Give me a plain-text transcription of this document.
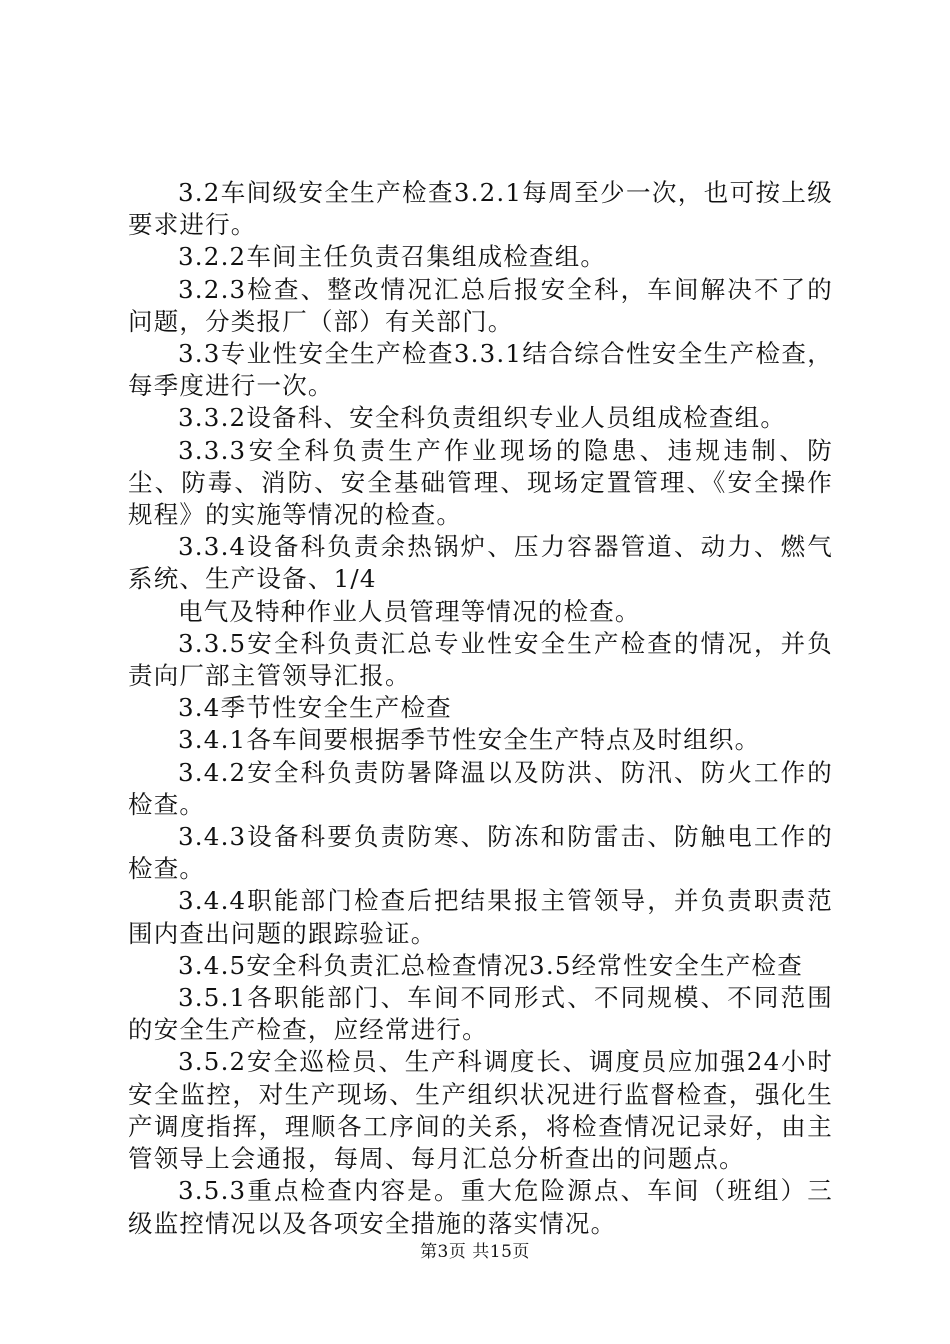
3.2车间级安全生产检查3.2.1每周至少一次，也可按上级要求进行。

3.2.2车间主任负责召集组成检查组。

3.2.3检查、整改情况汇总后报安全科，车间解决不了的问题，分类报厂（部）有关部门。

3.3专业性安全生产检查3.3.1结合综合性安全生产检查，每季度进行一次。

3.3.2设备科、安全科负责组织专业人员组成检查组。

3.3.3安全科负责生产作业现场的隐患、违规违制、防尘、防毒、消防、安全基础管理、现场定置管理、《安全操作规程》的实施等情况的检查。

3.3.4设备科负责余热锅炉、压力容器管道、动力、燃气系统、生产设备、1/4

电气及特种作业人员管理等情况的检查。

3.3.5安全科负责汇总专业性安全生产检查的情况，并负责向厂部主管领导汇报。

3.4季节性安全生产检查

3.4.1各车间要根据季节性安全生产特点及时组织。

3.4.2安全科负责防暑降温以及防洪、防汛、防火工作的检查。

3.4.3设备科要负责防寒、防冻和防雷击、防触电工作的检查。

3.4.4职能部门检查后把结果报主管领导，并负责职责范围内查出问题的跟踪验证。

3.4.5安全科负责汇总检查情况3.5经常性安全生产检查

3.5.1各职能部门、车间不同形式、不同规模、不同范围的安全生产检查，应经常进行。

3.5.2安全巡检员、生产科调度长、调度员应加强24小时安全监控，对生产现场、生产组织状况进行监督检查，强化生产调度指挥，理顺各工序间的关系，将检查情况记录好，由主管领导上会通报，每周、每月汇总分析查出的问题点。

3.5.3重点检查内容是。重大危险源点、车间（班组）三级监控情况以及各项安全措施的落实情况。

第3页 共15页
